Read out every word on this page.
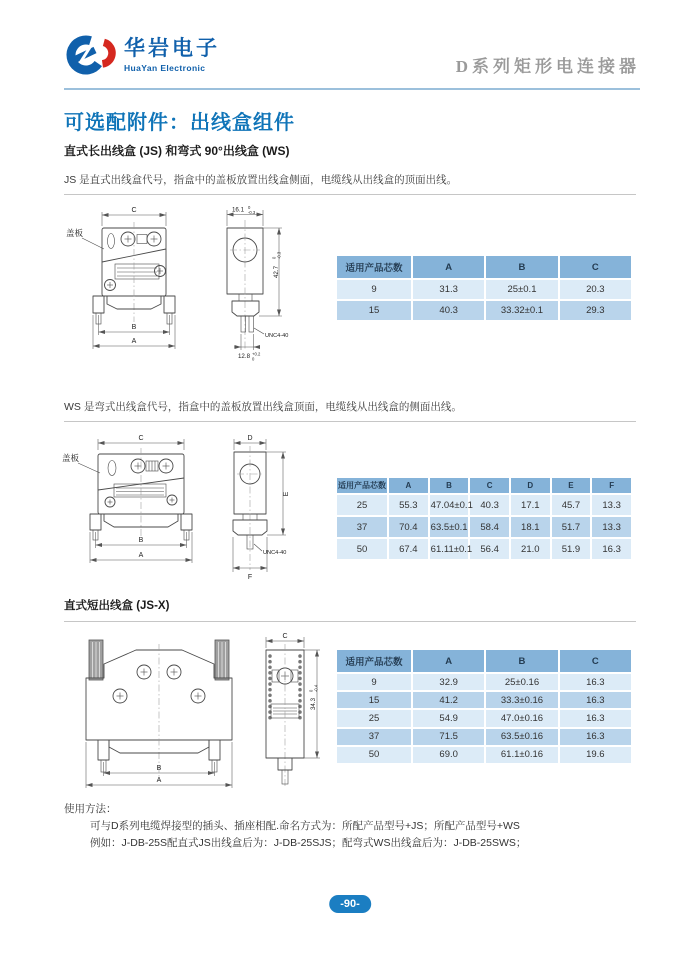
华岩电子
HuaYan Electronic	D系列矩形电连接器
可选配附件：出线盒组件
直式长出线盒 (JS) 和弯式 90°出线盒 (WS)
JS 是直式出线盒代号，指盒中的盖板放置出线盒侧面，电缆线从出线盒的顶面出线。
C
B
A
盖板
16.1 0
-0.3
42.7
0 -0.3
UNC4-40
12.8 +0.2
0
适用产品芯数	A	B	C
9	31.3	25±0.1	20.3
15	40.3	33.32±0.1	29.3
WS 是弯式出线盒代号，指盒中的盖板放置出线盒顶面，电缆线从出线盒的侧面出线。
C
B
A
盖板
D
E
UNC4-40
F
适用产品芯数	A	B	C	D	E	F
25	55.3	47.04±0.1	40.3	17.1	45.7	13.3
37	70.4	63.5±0.1	58.4	18.1	51.7	13.3
50	67.4	61.11±0.1	56.4	21.0	51.9	16.3
直式短出线盒 (JS-X)
B
A
C
34.3
0 -0.4
适用产品芯数	A	B	C
9	32.9	25±0.16	16.3
15	41.2	33.3±0.16	16.3
25	54.9	47.0±0.16	16.3
37	71.5	63.5±0.16	16.3
50	69.0	61.1±0.16	19.6
使用方法：
可与D系列电缆焊接型的插头、插座相配.命名方式为：所配产品型号+JS；所配产品型号+WS
例如：J-DB-25S配直式JS出线盒后为：J-DB-25SJS；配弯式WS出线盒后为：J-DB-25SWS；
-90-
